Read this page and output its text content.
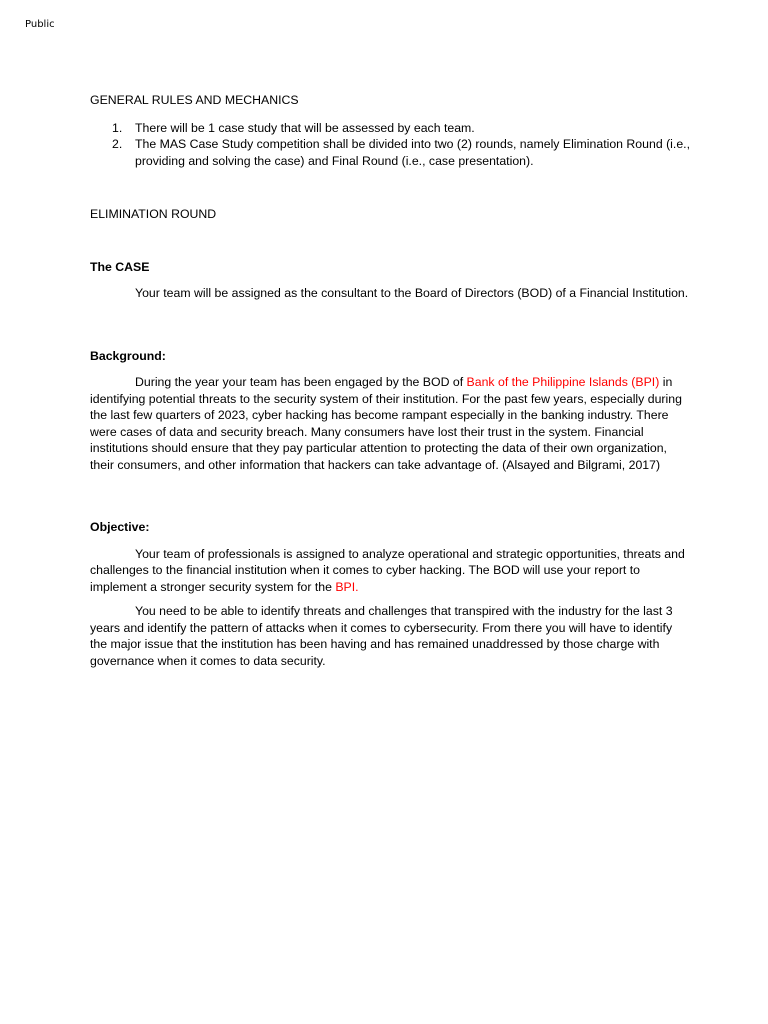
Public
GENERAL RULES AND MECHANICS
1. There will be 1 case study that will be assessed by each team.
2. The MAS Case Study competition shall be divided into two (2) rounds, namely Elimination Round (i.e., providing and solving the case) and Final Round (i.e., case presentation).
ELIMINATION ROUND
The CASE

Your team will be assigned as the consultant to the Board of Directors (BOD) of a Financial Institution.

Background:

During the year your team has been engaged by the BOD of Bank of the Philippine Islands (BPI) in identifying potential threats to the security system of their institution. For the past few years, especially during the last few quarters of 2023, cyber hacking has become rampant especially in the banking industry. There were cases of data and security breach. Many consumers have lost their trust in the system. Financial institutions should ensure that they pay particular attention to protecting the data of their own organization, their consumers, and other information that hackers can take advantage of. (Alsayed and Bilgrami, 2017)

Objective:

Your team of professionals is assigned to analyze operational and strategic opportunities, threats and challenges to the financial institution when it comes to cyber hacking. The BOD will use your report to implement a stronger security system for the BPI.

You need to be able to identify threats and challenges that transpired with the industry for the last 3 years and identify the pattern of attacks when it comes to cybersecurity. From there you will have to identify the major issue that the institution has been having and has remained unaddressed by those charge with governance when it comes to data security.
